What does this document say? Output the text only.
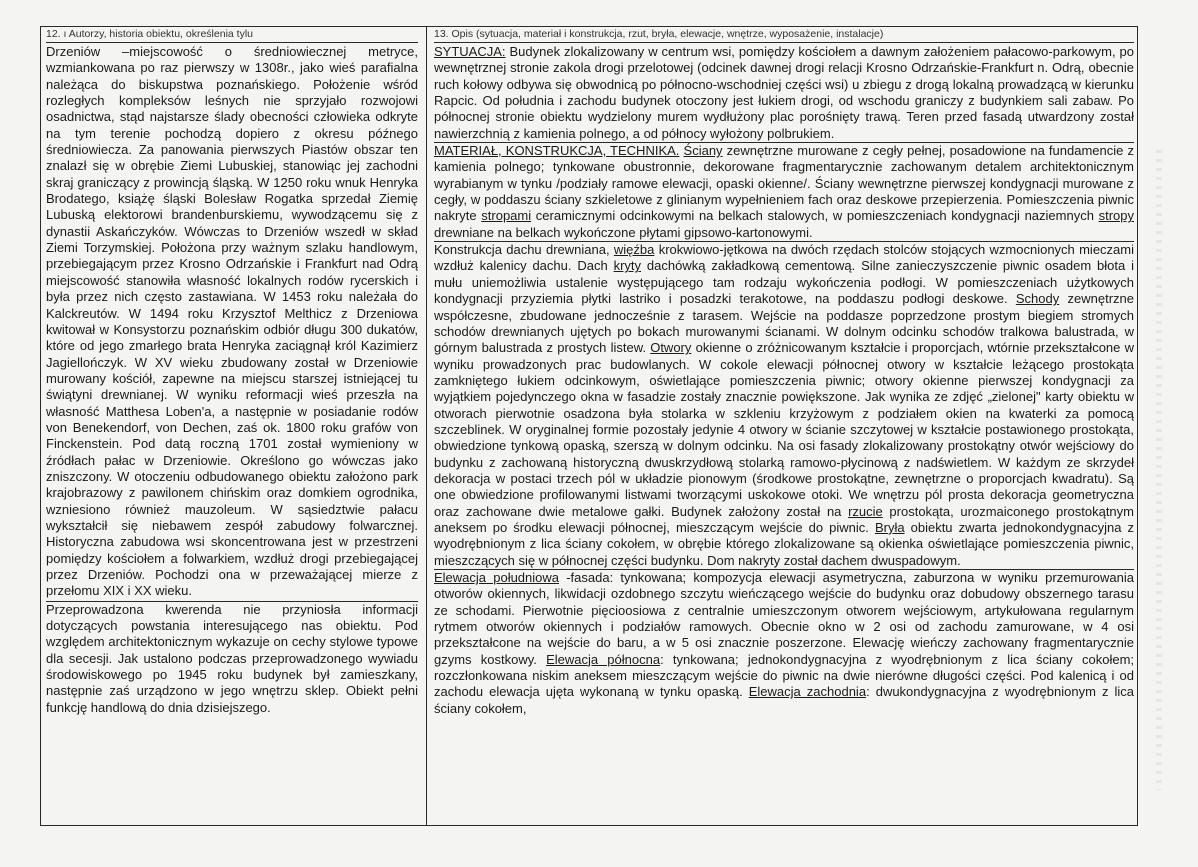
12. ı Autorzy, historia obiektu, określenia tylu

Drzeniów –miejscowość o średniowiecznej metryce, wzmiankowana po raz pierwszy w 1308r., jako wieś parafialna należąca do biskupstwa poznańskiego. Położenie wśród rozległych kompleksów leśnych nie sprzyjało rozwojowi osadnictwa, stąd najstarsze ślady obecności człowieka odkryte na tym terenie pochodzą dopiero z okresu późnego średniowiecza. Za panowania pierwszych Piastów obszar ten znalazł się w obrębie Ziemi Lubuskiej, stanowiąc jej zachodni skraj graniczący z prowincją śląską. W 1250 roku wnuk Henryka Brodatego, książę śląski Bolesław Rogatka sprzedał Ziemię Lubuską elektorowi brandenburskiemu, wywodzącemu się z dynastii Askańczyków. Wówczas to Drzeniów wszedł w skład Ziemi Torzymskiej. Położona przy ważnym szlaku handlowym, przebiegającym przez Krosno Odrzańskie i Frankfurt nad Odrą miejscowość stanowiła własność lokalnych rodów rycerskich i była przez nich często zastawiana. W 1453 roku należała do Kalckreutów. W 1494 roku Krzysztof Melthicz z Drzeniowa kwitował w Konsystorzu poznańskim odbiór długu 300 dukatów, które od jego zmarłego brata Henryka zaciągnął król Kazimierz Jagiellończyk. W XV wieku zbudowany został w Drzeniowie murowany kościół, zapewne na miejscu starszej istniejącej tu świątyni drewnianej. W wyniku reformacji wieś przeszła na własność Matthesa Loben'a, a następnie w posiadanie rodów von Benekendorf, von Dechen, zaś ok. 1800 roku grafów von Finckenstein. Pod datą roczną 1701 został wymieniony w źródłach pałac w Drzeniowie. Określono go wówczas jako zniszczony. W otoczeniu odbudowanego obiektu założono park krajobrazowy z pawilonem chińskim oraz domkiem ogrodnika, wzniesiono również mauzoleum. W sąsiedztwie pałacu wykształcił się niebawem zespół zabudowy folwarcznej. Historyczna zabudowa wsi skoncentrowana jest w przestrzeni pomiędzy kościołem a folwarkiem, wzdłuż drogi przebiegającej przez Drzeniów. Pochodzi ona w przeważającej mierze z przełomu XIX i XX wieku.

Przeprowadzona kwerenda nie przyniosła informacji dotyczących powstania interesującego nas obiektu. Pod względem architektonicznym wykazuje on cechy stylowe typowe dla secesji. Jak ustalono podczas przeprowadzonego wywiadu środowiskowego po 1945 roku budynek był zamieszkany, następnie zaś urządzono w jego wnętrzu sklep. Obiekt pełni funkcję handlową do dnia dzisiejszego.

13. Opis (sytuacja, materiał i konstrukcja, rzut, bryła, elewacje, wnętrze, wyposażenie, instalacje)

SYTUACJA: Budynek zlokalizowany w centrum wsi, pomiędzy kościołem a dawnym założeniem pałacowo-parkowym, po wewnętrznej stronie zakola drogi przelotowej (odcinek dawnej drogi relacji Krosno Odrzańskie-Frankfurt n. Odrą, obecnie ruch kołowy odbywa się obwodnicą po północno-wschodniej części wsi) u zbiegu z drogą lokalną prowadzącą w kierunku Rapcic. Od południa i zachodu budynek otoczony jest łukiem drogi, od wschodu graniczy z budynkiem sali zabaw. Po północnej stronie obiektu wydzielony murem wydłużony plac porośnięty trawą. Teren przed fasadą utwardzony został nawierzchnią z kamienia polnego, a od północy wyłożony polbrukiem.

MATERIAŁ, KONSTRUKCJA, TECHNIKA. Ściany zewnętrzne murowane z cegły pełnej, posadowione na fundamencie z kamienia polnego; tynkowane obustronnie, dekorowane fragmentarycznie zachowanym detalem architektonicznym wyrabianym w tynku /podziały ramowe elewacji, opaski okienne/. Ściany wewnętrzne pierwszej kondygnacji murowane z cegły, w poddaszu ściany szkieletowe z glinianym wypełnieniem fach oraz deskowe przepierzenia. Pomieszczenia piwnic nakryte stropami ceramicznymi odcinkowymi na belkach stalowych, w pomieszczeniach kondygnacji naziemnych stropy drewniane na belkach wykończone płytami gipsowo-kartonowymi.

Konstrukcja dachu drewniana, więźba krokwiowo-jętkowa na dwóch rzędach stolców stojących wzmocnionych mieczami wzdłuż kalenicy dachu. Dach kryty dachówką zakładkową cementową. Silne zanieczyszczenie piwnic osadem błota i mułu uniemożliwia ustalenie występującego tam rodzaju wykończenia podłogi. W pomieszczeniach użytkowych kondygnacji przyziemia płytki lastriko i posadzki terakotowe, na poddaszu podłogi deskowe. Schody zewnętrzne współczesne, zbudowane jednocześnie z tarasem. Wejście na poddasze poprzedzone prostym biegiem stromych schodów drewnianych ujętych po bokach murowanymi ścianami. W dolnym odcinku schodów tralkowa balustrada, w górnym balustrada z prostych listew. Otwory okienne o zróżnicowanym kształcie i proporcjach, wtórnie przekształcone w wyniku prowadzonych prac budowlanych. W cokole elewacji północnej otwory w kształcie leżącego prostokąta zamkniętego łukiem odcinkowym, oświetlające pomieszczenia piwnic; otwory okienne pierwszej kondygnacji za wyjątkiem pojedynczego okna w fasadzie zostały znacznie powiększone. Jak wynika ze zdjęć „zielonej" karty obiektu w otworach pierwotnie osadzona była stolarka w szkleniu krzyżowym z podziałem okien na kwaterki za pomocą szczeblinek. W oryginalnej formie pozostały jedynie 4 otwory w ścianie szczytowej w kształcie postawionego prostokąta, obwiedzione tynkową opaską, szerszą w dolnym odcinku. Na osi fasady zlokalizowany prostokątny otwór wejściowy do budynku z zachowaną historyczną dwuskrzydłową stolarką ramowo-płycinową z nadświetlem. W każdym ze skrzydeł dekoracja w postaci trzech pól w układzie pionowym (środkowe prostokątne, zewnętrzne o proporcjach kwadratu). Są one obwiedzione profilowanymi listwami tworzącymi uskokowe otoki. We wnętrzu pól prosta dekoracja geometryczna oraz zachowane dwie metalowe gałki. Budynek założony został na rzucie prostokąta, urozmaiconego prostokątnym aneksem po środku elewacji północnej, mieszczącym wejście do piwnic. Bryła obiektu zwarta jednokondygnacyjna z wyodrębnionym z lica ściany cokołem, w obrębie którego zlokalizowane są okienka oświetlające pomieszczenia piwnic, mieszczących się w północnej części budynku. Dom nakryty został dachem dwuspadowym.

Elewacja południowa -fasada: tynkowana; kompozycja elewacji asymetryczna, zaburzona w wyniku przemurowania otworów okiennych, likwidacji ozdobnego szczytu wieńczącego wejście do budynku oraz dobudowy obszernego tarasu ze schodami. Pierwotnie pięcioosiowa z centralnie umieszczonym otworem wejściowym, artykułowana regularnym rytmem otworów okiennych i podziałów ramowych. Obecnie okno w 2 osi od zachodu zamurowane, w 4 osi przekształcone na wejście do baru, a w 5 osi znacznie poszerzone. Elewację wieńczy zachowany fragmentarycznie gzyms kostkowy. Elewacja północna: tynkowana; jednokondygnacyjna z wyodrębnionym z lica ściany cokołem; rozczłonkowana niskim aneksem mieszczącym wejście do piwnic na dwie nierówne długości części. Pod kalenicą i od zachodu elewacja ujęta wykonaną w tynku opaską. Elewacja zachodnia: dwukondygnacyjna z wyodrębnionym z lica ściany cokołem,
